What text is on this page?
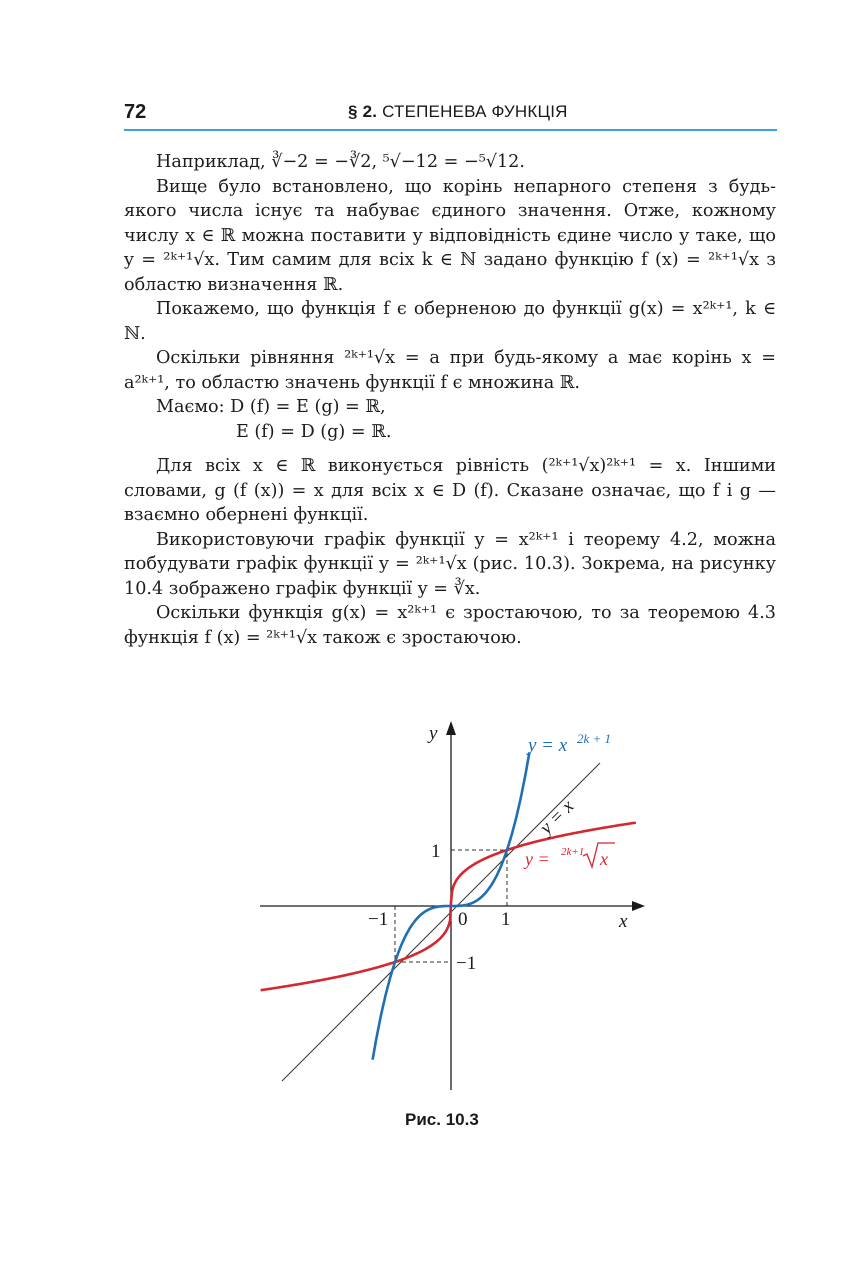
72	§ 2. СТЕПЕНЕВА ФУНКЦІЯ

Наприклад, ∛−2 = −∛2, ⁵√−12 = −⁵√12.

Вище було встановлено, що корінь непарного степеня з будь-якого числа існує та набуває єдиного значення. Отже, кожному числу x ∈ ℝ можна поставити у відповідність єдине число y таке, що y = ²ᵏ⁺¹√x. Тим самим для всіх k ∈ ℕ задано функцію f (x) = ²ᵏ⁺¹√x з областю визначення ℝ.

Покажемо, що функція f є оберненою до функції g(x) = x²ᵏ⁺¹, k ∈ ℕ.

Оскільки рівняння ²ᵏ⁺¹√x = a при будь-якому a має корінь x = a²ᵏ⁺¹, то областю значень функції f є множина ℝ.

Маємо: D (f) = E (g) = ℝ,

E (f) = D (g) = ℝ.

Для всіх x ∈ ℝ виконується рівність (²ᵏ⁺¹√x)²ᵏ⁺¹ = x. Іншими словами, g (f (x)) = x для всіх x ∈ D (f). Сказане означає, що f і g — взаємно обернені функції.

Використовуючи графік функції y = x²ᵏ⁺¹ і теорему 4.2, можна побудувати графік функції y = ²ᵏ⁺¹√x (рис. 10.3). Зокрема, на рисунку 10.4 зображено графік функції y = ∛x.

Оскільки функція g(x) = x²ᵏ⁺¹ є зростаючою, то за теоремою 4.3 функція f (x) = ²ᵏ⁺¹√x також є зростаючою.

0 1
−1
1
−1
x
y
y = x 2k + 1
y = x
y = 2k+1 x
Рис. 10.3
